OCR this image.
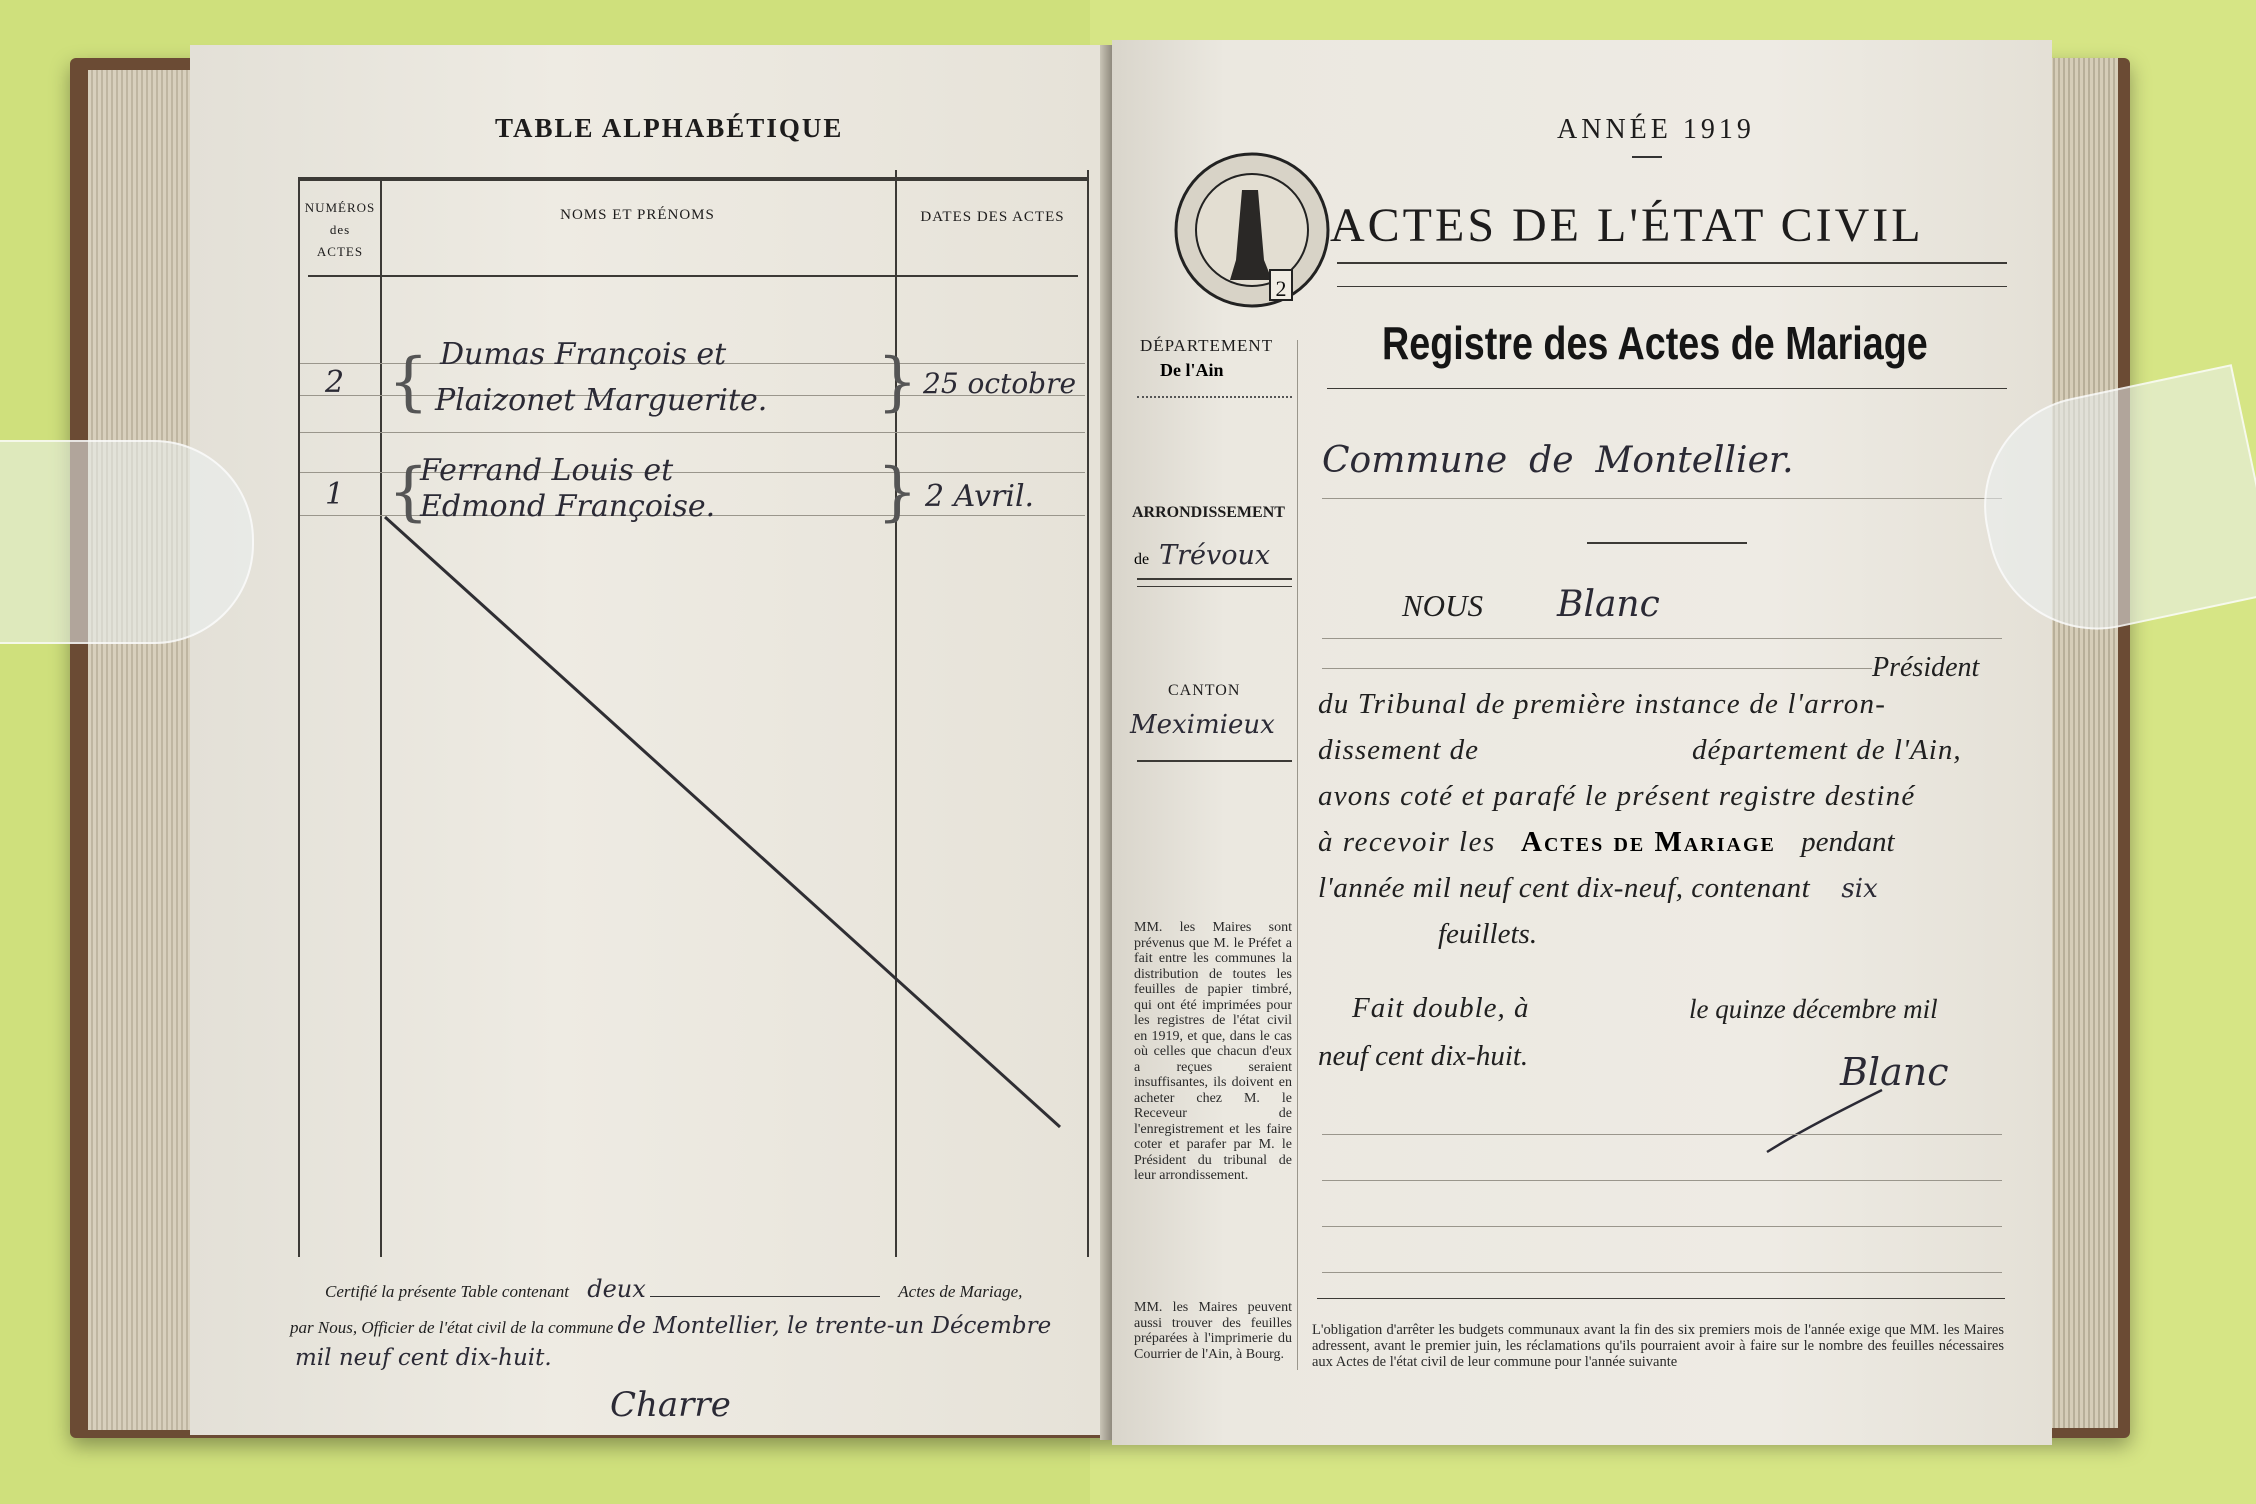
TABLE ALPHABÉTIQUE
NUMÉROS
des
ACTES
NOMS ET PRÉNOMS	DATES DES ACTES
2 { Dumas François et
Plaizonet Marguerite. } 25 octobre
1 {
Ferrand Louis et
Edmond Françoise.	} 2 Avril.
Certifié la présente Table contenant deux	Actes de Mariage,
par Nous, Officier de l'état civil de la commune de Montellier, le trente-un Décembre
mil neuf cent dix-huit.
Charre
ANNÉE 1919
2
ACTES DE L'ÉTAT CIVIL
Registre des Actes de Mariage
DÉPARTEMENT
De l'Ain
ARRONDISSEMENT
de Trévoux
CANTON
Meximieux
MM. les Maires sont prévenus que M. le Préfet a fait entre les communes la distribution de toutes les feuilles de papier timbré, qui ont été imprimées pour les registres de l'état civil en 1919, et que, dans le cas où celles que chacun d'eux a reçues seraient insuffisantes, ils doivent en acheter chez M. le Receveur de l'enregistrement et les faire coter et parafer par M. le Président du tribunal de leur arrondissement.
MM. les Maires peuvent aussi trouver des feuilles préparées à l'imprimerie du Courrier de l'Ain, à Bourg.
Commune de Montellier.
NOUS Blanc
Président
du Tribunal de première instance de l'arron-
dissement de	département de l'Ain,
avons coté et parafé le présent registre destiné
à recevoir les Actes de Mariage pendant
l'année mil neuf cent dix-neuf, contenant six
feuillets.
Fait double, à	le quinze décembre mil
neuf cent dix-huit.	Blanc
L'obligation d'arrêter les budgets communaux avant la fin des six premiers mois de l'année exige que MM. les Maires adressent, avant le premier juin, les réclamations qu'ils pourraient avoir à faire sur le nombre des feuilles nécessaires aux Actes de l'état civil de leur commune pour l'année suivante
